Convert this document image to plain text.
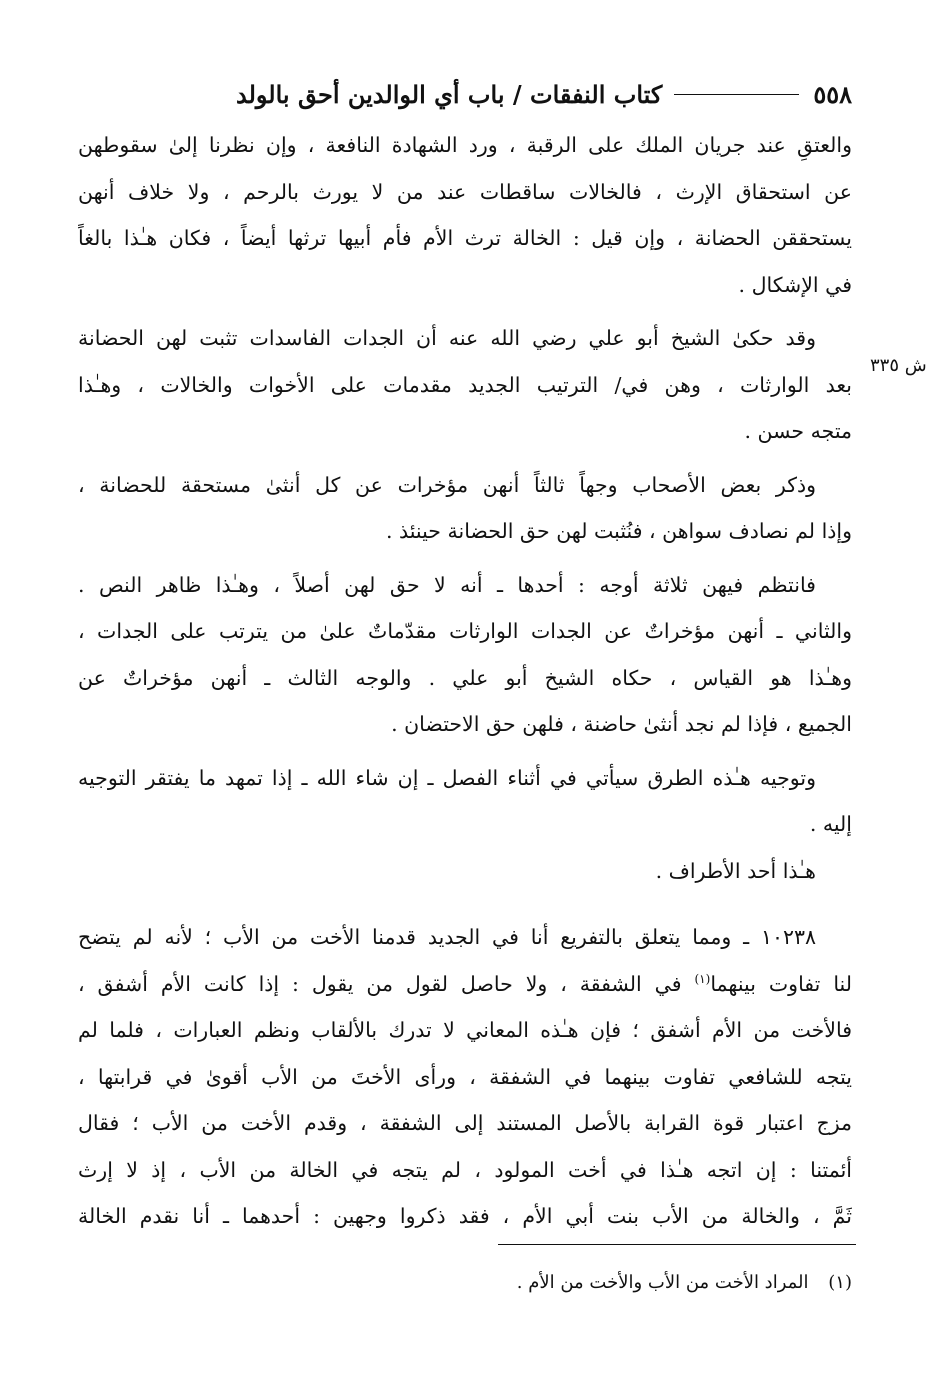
٥٥٨
كتاب النفقات / باب أي الوالدين أحق بالولد
ش ٣٣٥
والعتقِ عند جريان الملك على الرقبة ، ورد الشهادة النافعة ، وإن نظرنا إلىٰ سقوطهن
عن استحقاق الإرث ، فالخالات ساقطات عند من لا يورث بالرحم ، ولا خلاف أنهن
يستحققن الحضانة ، وإن قيل : الخالة ترث الأم فأم أبيها ترثها أيضاً ، فكان هـٰذا بالغاً
في الإشكال .
وقد حكىٰ الشيخ أبو علي رضي الله عنه أن الجدات الفاسدات تثبت لهن الحضانة
بعد الوارثات ، وهن في/ الترتيب الجديد مقدمات على الأخوات والخالات ، وهـٰذا
متجه حسن .
وذكر بعض الأصحاب وجهاً ثالثاً أنهن مؤخرات عن كل أنثىٰ مستحقة للحضانة ،
وإذا لم نصادف سواهن ، فنُثبت لهن حق الحضانة حينئذ .
فانتظم فيهن ثلاثة أوجه : أحدها ـ أنه لا حق لهن أصلاً ، وهـٰذا ظاهر النص .
والثاني ـ أنهن مؤخراتٌ عن الجدات الوارثات مقدّماتٌ علىٰ من يترتب على الجدات ،
وهـٰذا هو القياس ، حكاه الشيخ أبو علي . والوجه الثالث ـ أنهن مؤخراتٌ عن
الجميع ، فإذا لم نجد أنثىٰ حاضنة ، فلهن حق الاحتضان .
وتوجيه هـٰذه الطرق سيأتي في أثناء الفصل ـ إن شاء الله ـ إذا تمهد ما يفتقر التوجيه
إليه .
هـٰذا أحد الأطراف .
١٠٢٣٨ ـ ومما يتعلق بالتفريع أنا في الجديد قدمنا الأخت من الأب ؛ لأنه لم يتضح
لنا تفاوت بينهما$^{(١)}$ في الشفقة ، ولا حاصل لقول من يقول : إذا كانت الأم أشفق ،
فالأخت من الأم أشفق ؛ فإن هـٰذه المعاني لا تدرك بالألقاب ونظم العبارات ، فلما لم
يتجه للشافعي تفاوت بينهما في الشفقة ، ورأى الأختَ من الأب أقوىٰ في قرابتها ،
مزج اعتبار قوة القرابة بالأصل المستند إلى الشفقة ، وقدم الأخت من الأب ؛ فقال
أئمتنا : إن اتجه هـٰذا في أخت المولود ، لم يتجه في الخالة من الأب ، إذ لا إرث
ثَمَّ ، والخالة من الأب بنت أبي الأم ، فقد ذكروا وجهين : أحدهما ـ أنا نقدم الخالة
(١) المراد الأخت من الأب والأخت من الأم .
